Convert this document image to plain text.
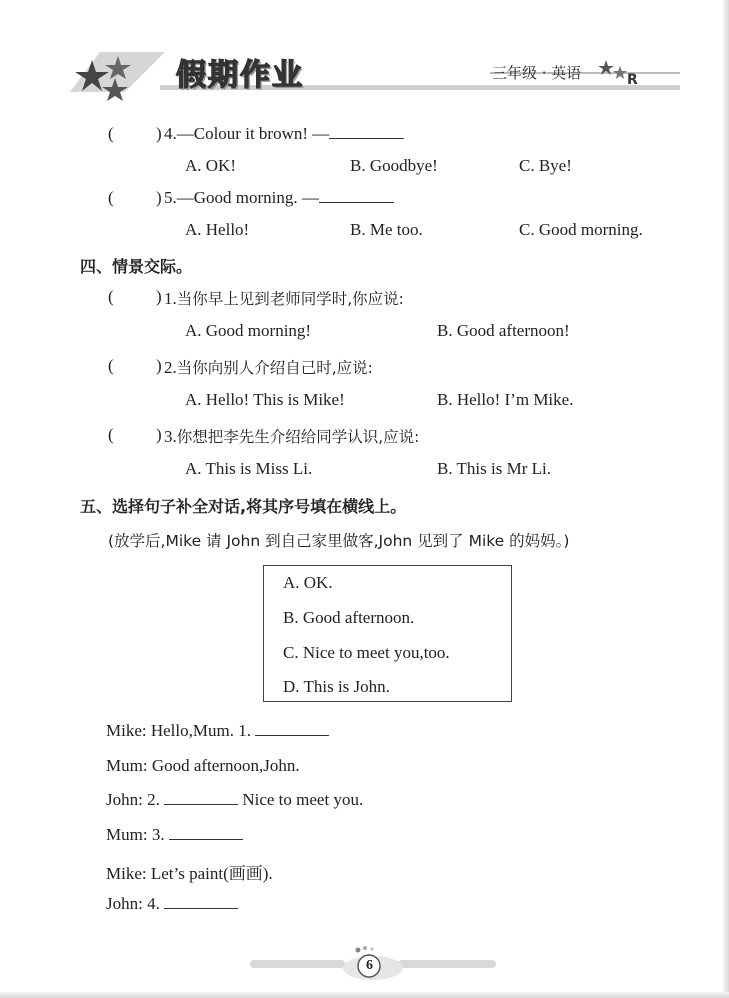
假期作业	三年级 · 英语	R
( ) 4.—Colour it brown! —
A. OK!	B. Goodbye!	C. Bye!
( ) 5.—Good morning. —
A. Hello!	B. Me too.	C. Good morning.
四、情景交际。
( ) 1.当你早上见到老师同学时,你应说:
A. Good morning!	B. Good afternoon!
( ) 2.当你向别人介绍自己时,应说:
A. Hello! This is Mike!	B. Hello! I’m Mike.
( ) 3.你想把李先生介绍给同学认识,应说:
A. This is Miss Li.	B. This is Mr Li.
五、选择句子补全对话,将其序号填在横线上。
(放学后,Mike 请 John 到自己家里做客,John 见到了 Mike 的妈妈。)
A. OK.
B. Good afternoon.
C. Nice to meet you,too.
D. This is John.
Mike: Hello,Mum. 1.
Mum: Good afternoon,John.
John: 2.	Nice to meet you.
Mum: 3.
Mike: Let’s paint(画画).
John: 4.
6
